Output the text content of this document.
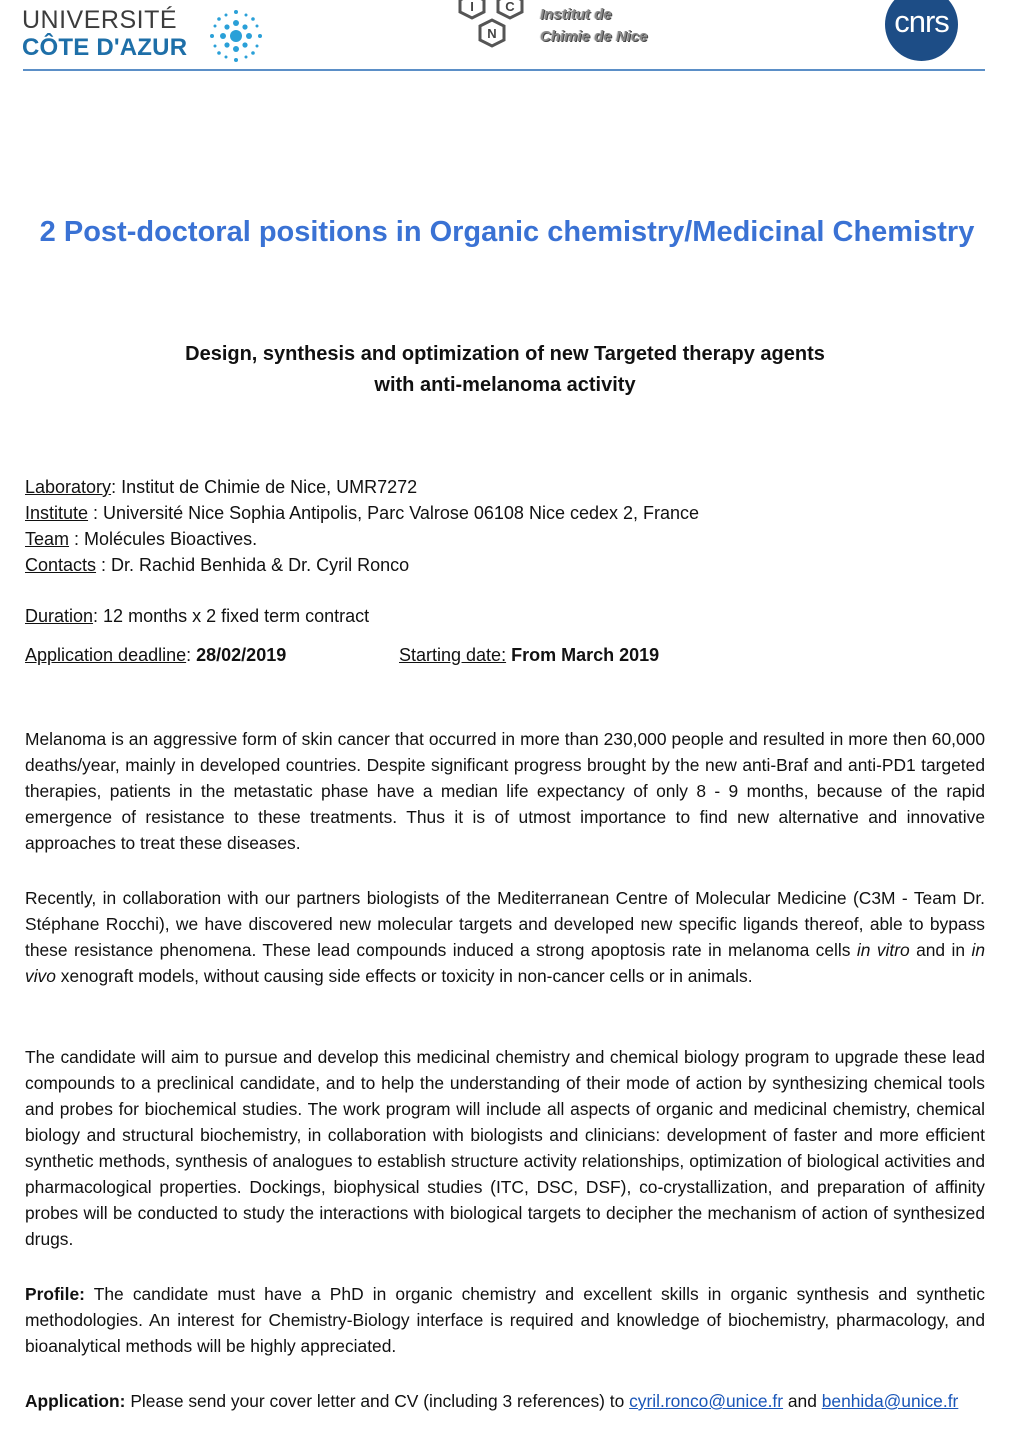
UNIVERSITÉ
CÔTE D'AZUR
I C
N
Institut de
Chimie de Nice	cnrs
2 Post-doctoral positions in Organic chemistry/Medicinal Chemistry
Design, synthesis and optimization of new Targeted therapy agents
with anti-melanoma activity
Laboratory: Institut de Chimie de Nice, UMR7272
Institute : Université Nice Sophia Antipolis, Parc Valrose 06108 Nice cedex 2, France
Team : Molécules Bioactives.
Contacts : Dr. Rachid Benhida & Dr. Cyril Ronco
Duration: 12 months x 2 fixed term contract
Application deadline: 28/02/2019	Starting date: From March 2019
Melanoma is an aggressive form of skin cancer that occurred in more than 230,000 people and resulted in more then 60,000 deaths/year, mainly in developed countries. Despite significant progress brought by the new anti-Braf and anti-PD1 targeted therapies, patients in the metastatic phase have a median life expectancy of only 8 - 9 months, because of the rapid emergence of resistance to these treatments. Thus it is of utmost importance to find new alternative and innovative approaches to treat these diseases.
Recently, in collaboration with our partners biologists of the Mediterranean Centre of Molecular Medicine (C3M - Team Dr. Stéphane Rocchi), we have discovered new molecular targets and developed new specific ligands thereof, able to bypass these resistance phenomena. These lead compounds induced a strong apoptosis rate in melanoma cells in vitro and in in vivo xenograft models, without causing side effects or toxicity in non-cancer cells or in animals.
The candidate will aim to pursue and develop this medicinal chemistry and chemical biology program to upgrade these lead compounds to a preclinical candidate, and to help the understanding of their mode of action by synthesizing chemical tools and probes for biochemical studies. The work program will include all aspects of organic and medicinal chemistry, chemical biology and structural biochemistry, in collaboration with biologists and clinicians: development of faster and more efficient synthetic methods, synthesis of analogues to establish structure activity relationships, optimization of biological activities and pharmacological properties. Dockings, biophysical studies (ITC, DSC, DSF), co-crystallization, and preparation of affinity probes will be conducted to study the interactions with biological targets to decipher the mechanism of action of synthesized drugs.
Profile: The candidate must have a PhD in organic chemistry and excellent skills in organic synthesis and synthetic methodologies. An interest for Chemistry-Biology interface is required and knowledge of biochemistry, pharmacology, and bioanalytical methods will be highly appreciated.
Application: Please send your cover letter and CV (including 3 references) to cyril.ronco@unice.fr and benhida@unice.fr
